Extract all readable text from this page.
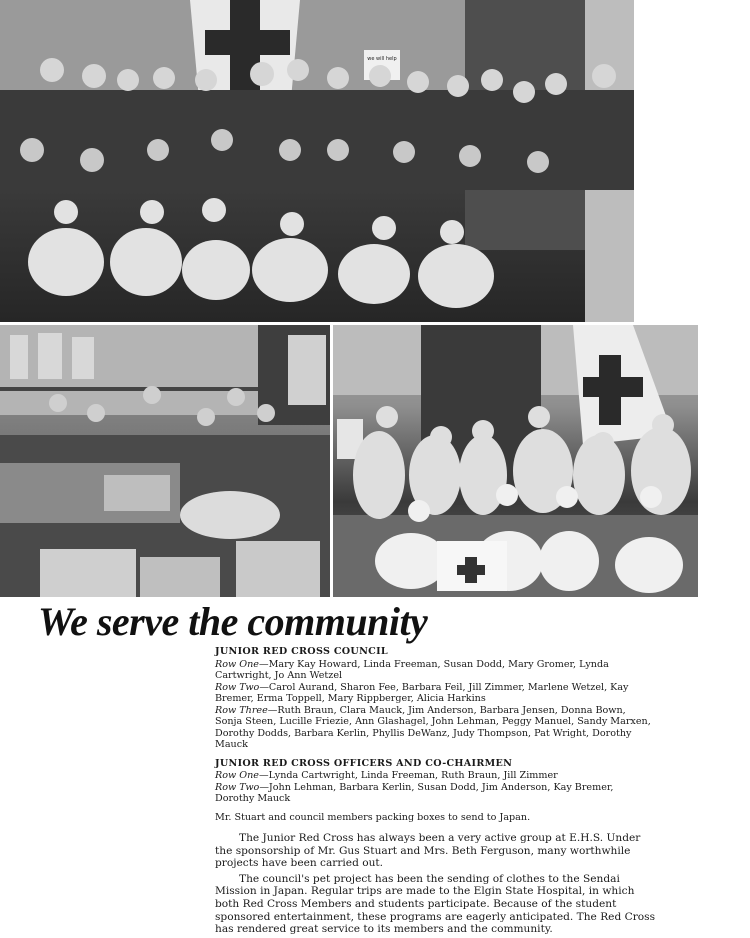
we will help
We serve the community

JUNIOR RED CROSS COUNCIL

Row One—Mary Kay Howard, Linda Freeman, Susan Dodd, Mary Gromer, Lynda Cartwright, Jo Ann Wetzel

Row Two—Carol Aurand, Sharon Fee, Barbara Feil, Jill Zimmer, Marlene Wetzel, Kay Bremer, Erma Toppell, Mary Rippberger, Alicia Harkins

Row Three—Ruth Braun, Clara Mauck, Jim Anderson, Barbara Jensen, Donna Bown, Sonja Steen, Lucille Friezie, Ann Glashagel, John Lehman, Peggy Manuel, Sandy Marxen, Dorothy Dodds, Barbara Kerlin, Phyllis DeWanz, Judy Thompson, Pat Wright, Dorothy Mauck

JUNIOR RED CROSS OFFICERS AND CO-CHAIRMEN

Row One—Lynda Cartwright, Linda Freeman, Ruth Braun, Jill Zimmer

Row Two—John Lehman, Barbara Kerlin, Susan Dodd, Jim Anderson, Kay Bremer, Dorothy Mauck

Mr. Stuart and council members packing boxes to send to Japan.

The Junior Red Cross has always been a very active group at E.H.S. Under the sponsorship of Mr. Gus Stuart and Mrs. Beth Ferguson, many worthwhile projects have been carried out.

The council's pet project has been the sending of clothes to the Sendai Mission in Japan. Regular trips are made to the Elgin State Hospital, in which both Red Cross Members and students participate. Because of the student sponsored entertainment, these programs are eagerly anticipated. The Red Cross has rendered great service to its members and the community.
